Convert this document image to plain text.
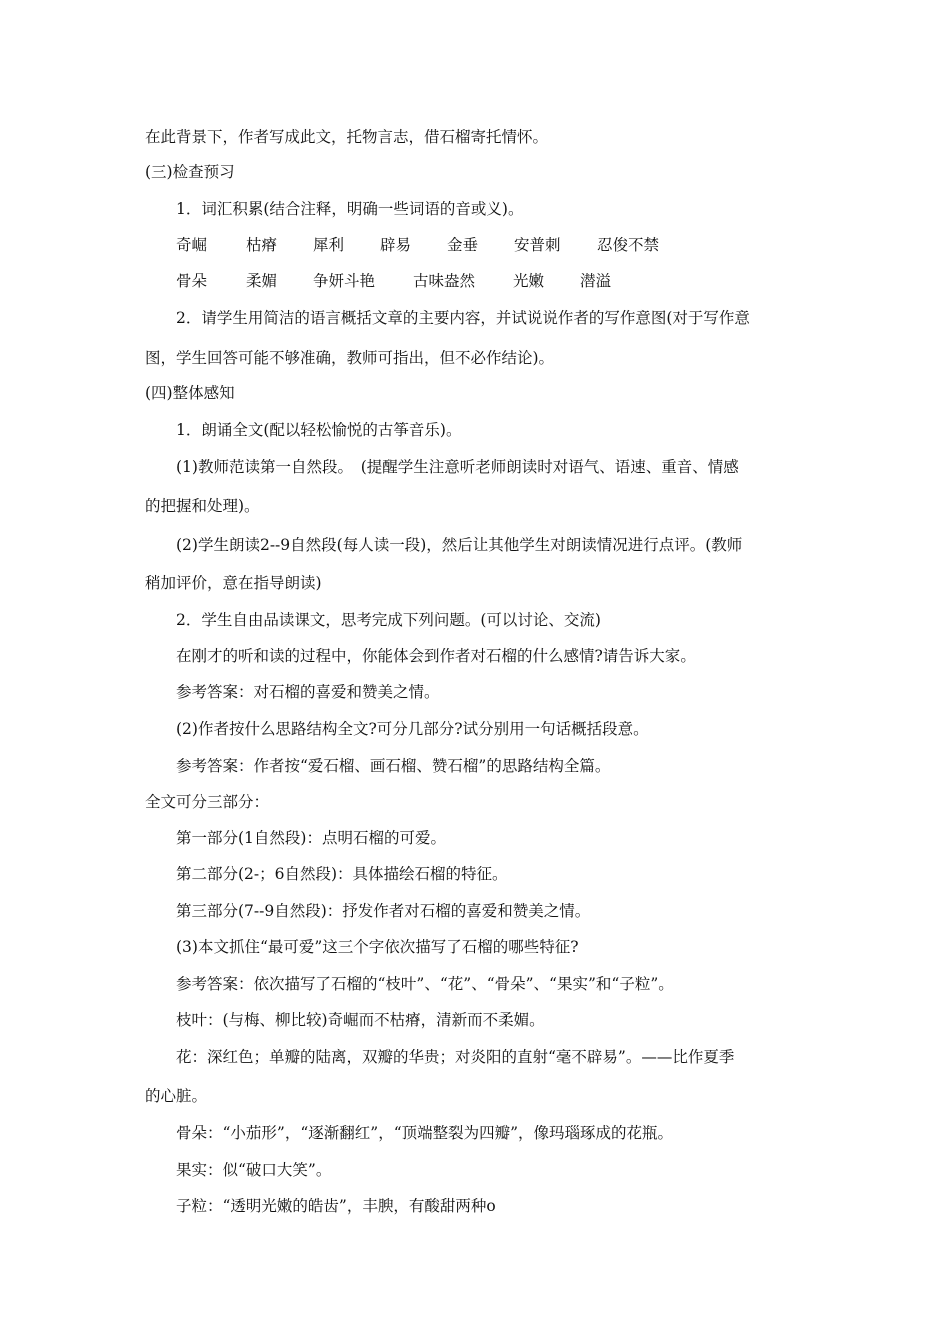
在此背景下，作者写成此文，托物言志，借石榴寄托情怀。
(三)检查预习
1．词汇积累(结合注释，明确一些词语的音或义)。
奇崛	枯瘠 犀利 辟易 金垂 安普刺 忍俊不禁
骨朵	柔媚 争妍斗艳 古味盎然 光嫩 潜溢
2．请学生用简洁的语言概括文章的主要内容，并试说说作者的写作意图(对于写作意
图，学生回答可能不够准确，教师可指出，但不必作结论)。
(四)整体感知
1．朗诵全文(配以轻松愉悦的古筝音乐)。
(1)教师范读第一自然段。　(提醒学生注意听老师朗读时对语气、语速、重音、情感
的把握和处理)。
(2)学生朗读2--9自然段(每人读一段)，然后让其他学生对朗读情况进行点评。(教师
稍加评价，意在指导朗读)
2．学生自由品读课文，思考完成下列问题。(可以讨论、交流)
在刚才的听和读的过程中，你能体会到作者对石榴的什么感情?请告诉大家。
参考答案：对石榴的喜爱和赞美之情。
(2)作者按什么思路结构全文?可分几部分?试分别用一句话概括段意。
参考答案：作者按“爱石榴、画石榴、赞石榴”的思路结构全篇。
全文可分三部分：
第一部分(1自然段)：点明石榴的可爱。
第二部分(2-；6自然段)：具体描绘石榴的特征。
第三部分(7--9自然段)：抒发作者对石榴的喜爱和赞美之情。
(3)本文抓住“最可爱”这三个字依次描写了石榴的哪些特征?
参考答案：依次描写了石榴的“枝叶”、“花”、“骨朵”、“果实”和“子粒”。
枝叶：(与梅、柳比较)奇崛而不枯瘠，清新而不柔媚。
花：深红色；单瓣的陆离，双瓣的华贵；对炎阳的直射“毫不辟易”。——比作夏季
的心脏。
骨朵：“小茄形”，“逐渐翻红”，“顶端整裂为四瓣”，像玛瑙琢成的花瓶。
果实：似“破口大笑”。
子粒：“透明光嫩的皓齿”，丰腴，有酸甜两种o
